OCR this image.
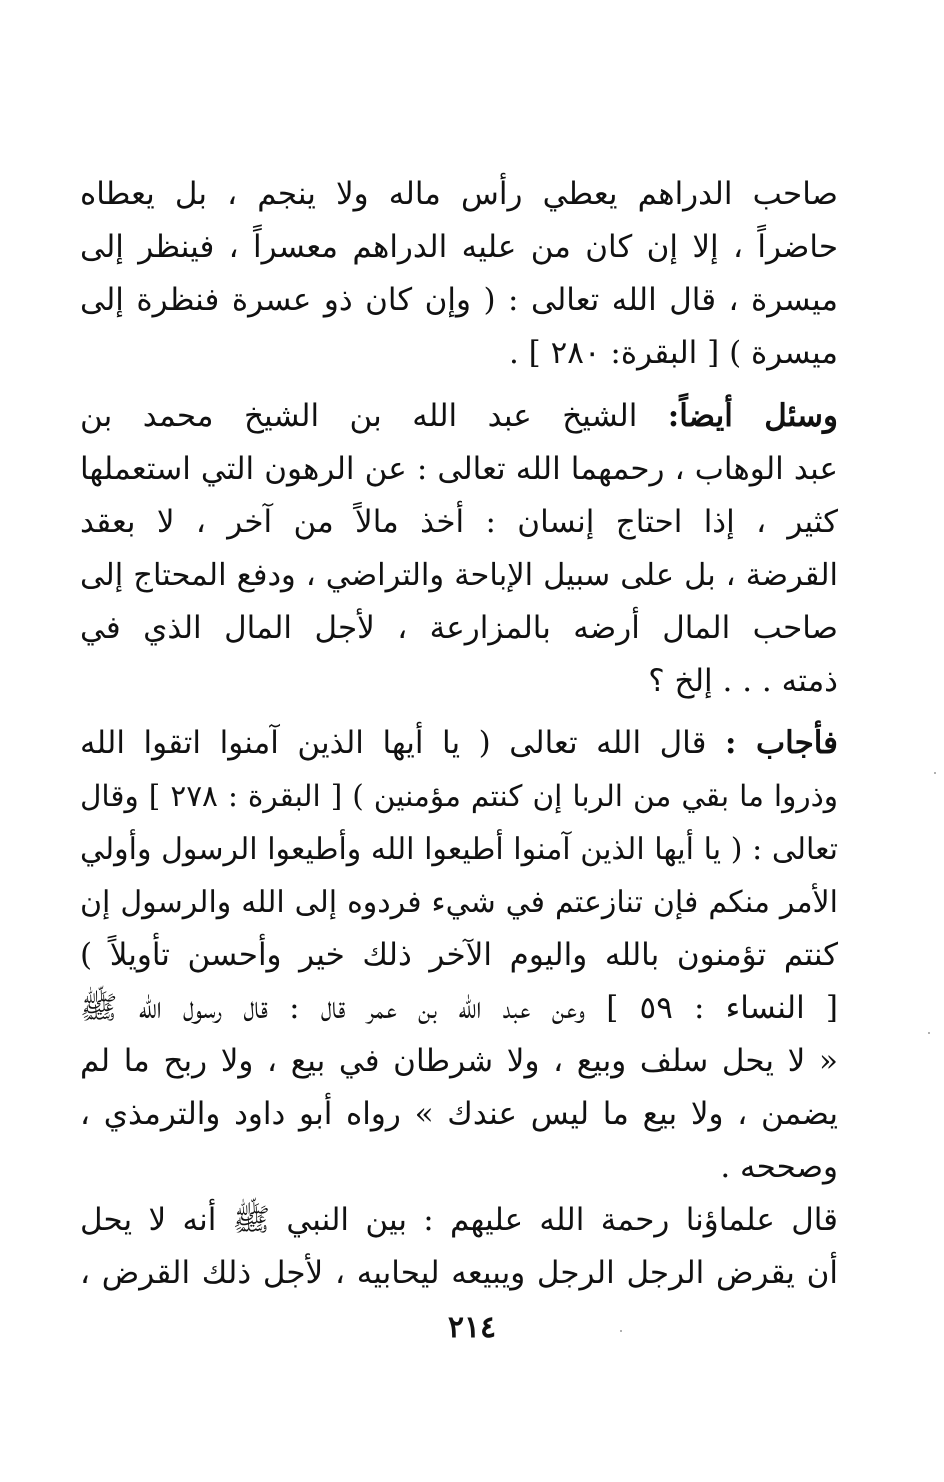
صاحب الدراهم يعطي رأس ماله ولا ينجم ، بل يعطاه
حاضراً ، إلا إن كان من عليه الدراهم معسراً ، فينظر إلى
ميسرة ، قال الله تعالى : ( وإن كان ذو عسرة فنظرة إلى
ميسرة ) [ البقرة: ٢٨٠ ] .
وسئل أيضاً: الشيخ عبد الله بن الشيخ محمد بن
عبد الوهاب ، رحمهما الله تعالى : عن الرهون التي استعملها
كثير ، إذا احتاج إنسان : أخذ مالاً من آخر ، لا بعقد
القرضة ، بل على سبيل الإباحة والتراضي ، ودفع المحتاج إلى
صاحب المال أرضه بالمزارعة ، لأجل المال الذي في
ذمته . . . إلخ ؟
فأجاب : قال الله تعالى ( يا أيها الذين آمنوا اتقوا الله
وذروا ما بقي من الربا إن كنتم مؤمنين ) [ البقرة : ٢٧٨ ] وقال
تعالى : ( يا أيها الذين آمنوا أطيعوا الله وأطيعوا الرسول وأولي
الأمر منكم فإن تنازعتم في شيء فردوه إلى الله والرسول إن
كنتم تؤمنون بالله واليوم الآخر ذلك خير وأحسن تأويلاً )
[ النساء : ٥٩ ] وعن عبد الله بن عمر قال : قال رسول الله ﷺ
« لا يحل سلف وبيع ، ولا شرطان في بيع ، ولا ربح ما لم
يضمن ، ولا بيع ما ليس عندك » رواه أبو داود والترمذي ،
وصححه .
قال علماؤنا رحمة الله عليهم : بين النبي ﷺ أنه لا يحل
أن يقرض الرجل الرجل ويبيعه ليحابيه ، لأجل ذلك القرض ،
٢١٤
